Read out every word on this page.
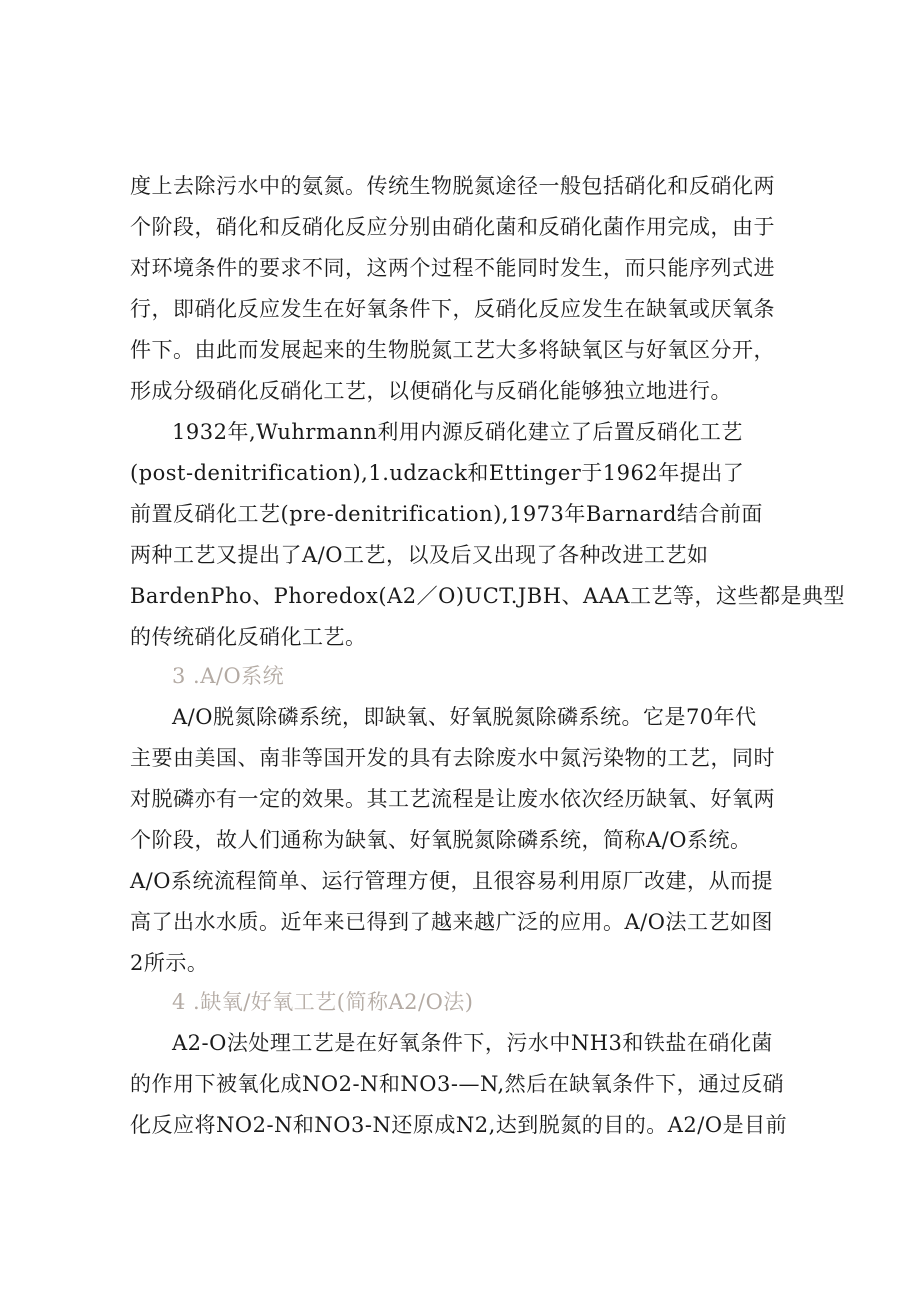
度上去除污水中的氨氮。传统生物脱氮途径一般包括硝化和反硝化两
个阶段，硝化和反硝化反应分别由硝化菌和反硝化菌作用完成，由于
对环境条件的要求不同，这两个过程不能同时发生，而只能序列式进
行，即硝化反应发生在好氧条件下，反硝化反应发生在缺氧或厌氧条
件下。由此而发展起来的生物脱氮工艺大多将缺氧区与好氧区分开，
形成分级硝化反硝化工艺，以便硝化与反硝化能够独立地进行。
1932年,Wuhrmann利用内源反硝化建立了后置反硝化工艺
(post-denitrification),1.udzack和Ettinger于1962年提出了
前置反硝化工艺(pre-denitrification),1973年Barnard结合前面
两种工艺又提出了A/O工艺，以及后又出现了各种改进工艺如
BardenPho、Phoredox(A2／O)UCT.JBH、AAA工艺等，这些都是典型
的传统硝化反硝化工艺。
3 .A/O系统
A/O脱氮除磷系统，即缺氧、好氧脱氮除磷系统。它是70年代
主要由美国、南非等国开发的具有去除废水中氮污染物的工艺，同时
对脱磷亦有一定的效果。其工艺流程是让废水依次经历缺氧、好氧两
个阶段，故人们通称为缺氧、好氧脱氮除磷系统，简称A/O系统。
A/O系统流程简单、运行管理方便，且很容易利用原厂改建，从而提
高了出水水质。近年来已得到了越来越广泛的应用。A/O法工艺如图
2所示。
4 .缺氧/好氧工艺(简称A2/O法)
A2-O法处理工艺是在好氧条件下，污水中NH3和铁盐在硝化菌
的作用下被氧化成NO2-N和NO3-—N,然后在缺氧条件下，通过反硝
化反应将NO2-N和NO3-N还原成N2,达到脱氮的目的。A2/O是目前
